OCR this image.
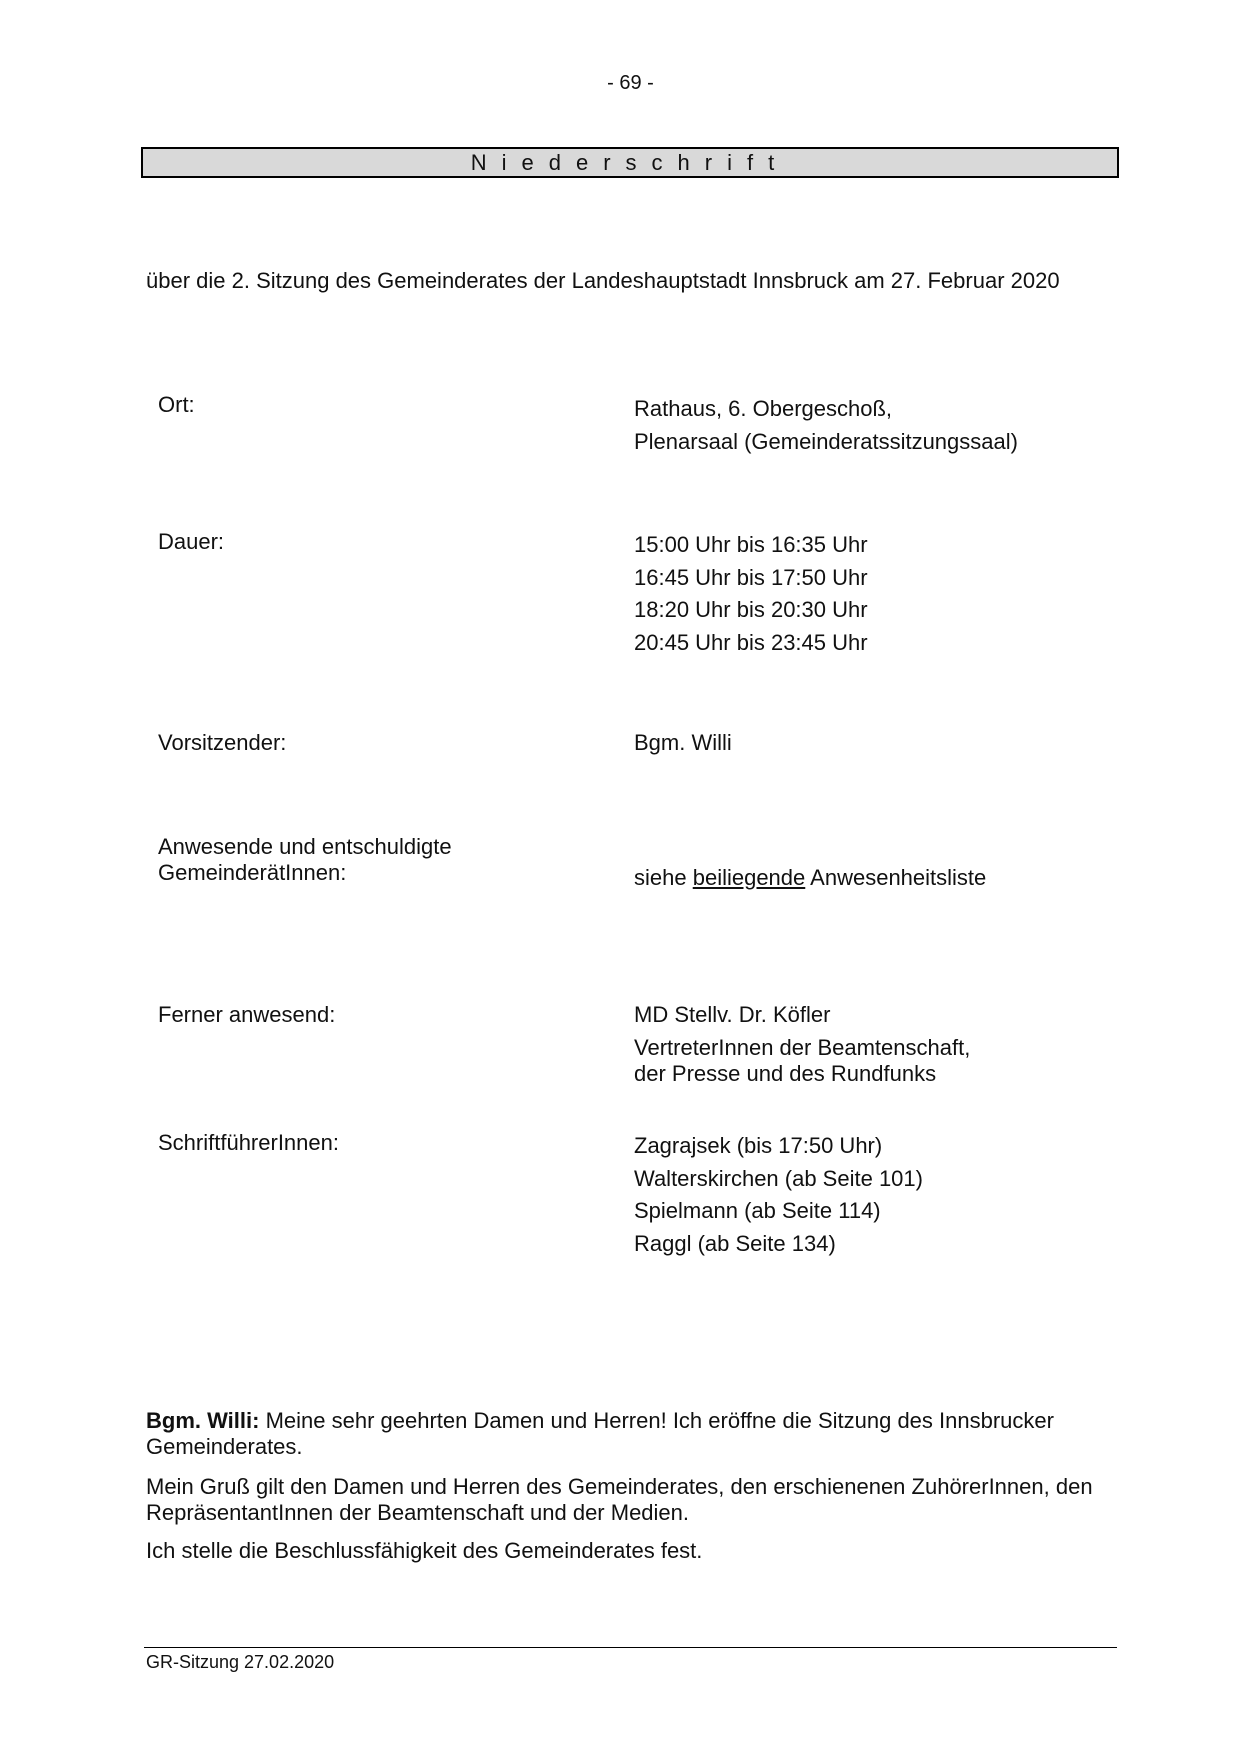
- 69 -
Niederschrift
über die 2. Sitzung des Gemeinderates der Landeshauptstadt Innsbruck am 27. Februar 2020
Ort:	Rathaus, 6. Obergeschoß,
Plenarsaal (Gemeinderatssitzungssaal)
Dauer:	15:00 Uhr bis 16:35 Uhr
16:45 Uhr bis 17:50 Uhr
18:20 Uhr bis 20:30 Uhr
20:45 Uhr bis 23:45 Uhr
Vorsitzender:	Bgm. Willi
Anwesende und entschuldigte
GemeinderätInnen:	siehe beiliegende Anwesenheitsliste
Ferner anwesend:	MD Stellv. Dr. Köfler
VertreterInnen der Beamtenschaft,
der Presse und des Rundfunks
SchriftführerInnen:	Zagrajsek (bis 17:50 Uhr)
Walterskirchen (ab Seite 101)
Spielmann (ab Seite 114)
Raggl (ab Seite 134)
Bgm. Willi: Meine sehr geehrten Damen und Herren! Ich eröffne die Sitzung des Innsbrucker Gemeinderates.
Mein Gruß gilt den Damen und Herren des Gemeinderates, den erschienenen ZuhörerInnen, den RepräsentantInnen der Beamtenschaft und der Medien.
Ich stelle die Beschlussfähigkeit des Gemeinderates fest.
GR-Sitzung 27.02.2020
